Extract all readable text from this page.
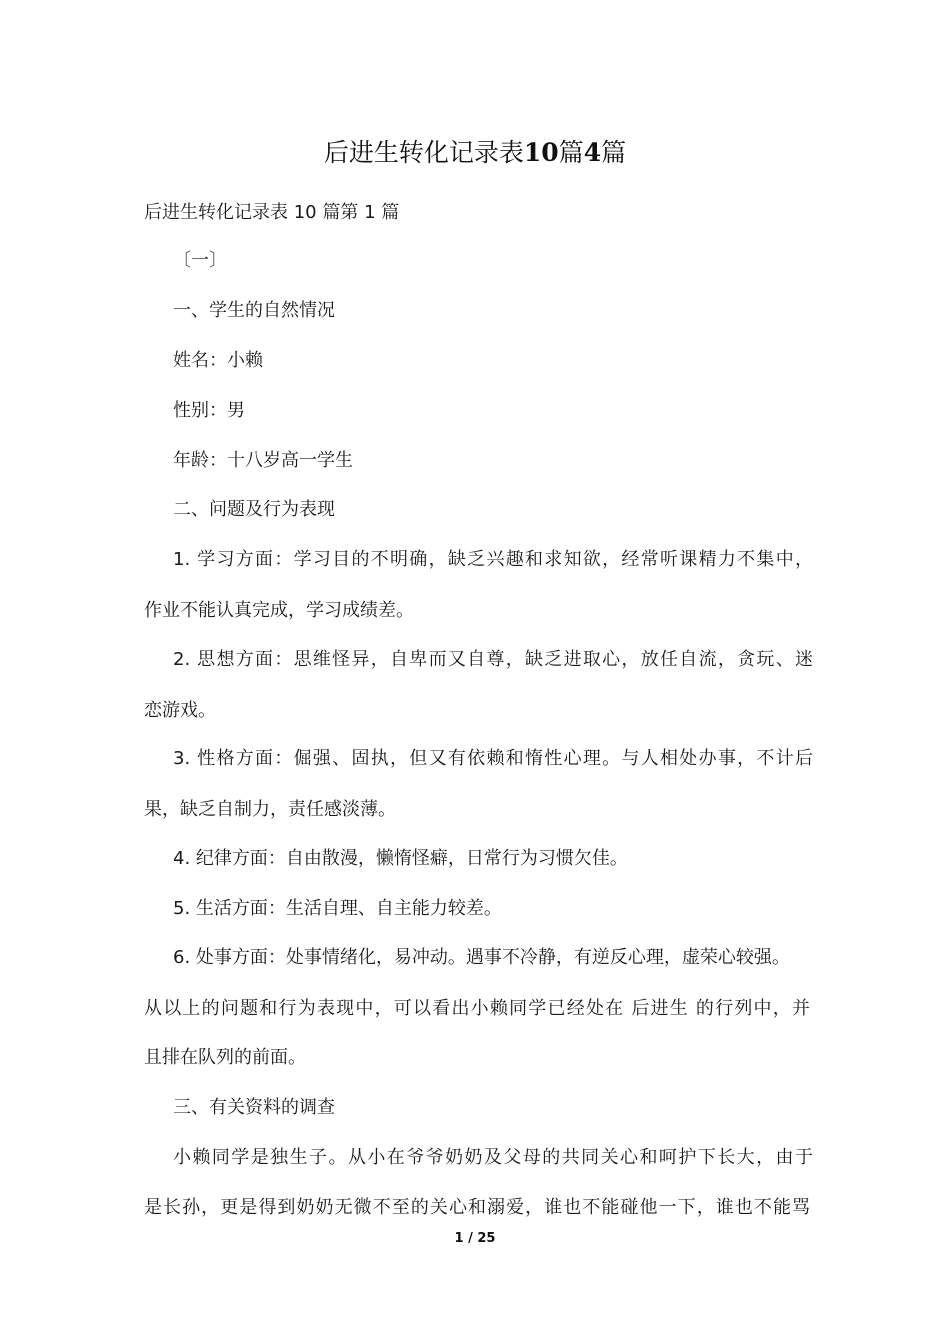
后进生转化记录表10篇4篇
后进生转化记录表 10 篇第 1 篇
〔一〕
一、学生的自然情况
姓名：小赖
性别：男
年龄：十八岁高一学生
二、问题及行为表现
1. 学习方面：学习目的不明确，缺乏兴趣和求知欲，经常听课精力不集中，
作业不能认真完成，学习成绩差。
2. 思想方面：思维怪异，自卑而又自尊，缺乏进取心，放任自流，贪玩、迷
恋游戏。
3. 性格方面：倔强、固执，但又有依赖和惰性心理。与人相处办事，不计后
果，缺乏自制力，责任感淡薄。
4. 纪律方面：自由散漫，懒惰怪癖，日常行为习惯欠佳。
5. 生活方面：生活自理、自主能力较差。
6. 处事方面：处事情绪化，易冲动。遇事不冷静，有逆反心理，虚荣心较强。
从以上的问题和行为表现中，可以看出小赖同学已经处在 后进生 的行列中，并
且排在队列的前面。
三、有关资料的调查
小赖同学是独生子。从小在爷爷奶奶及父母的共同关心和呵护下长大，由于
是长孙，更是得到奶奶无微不至的关心和溺爱，谁也不能碰他一下，谁也不能骂
1 / 25
